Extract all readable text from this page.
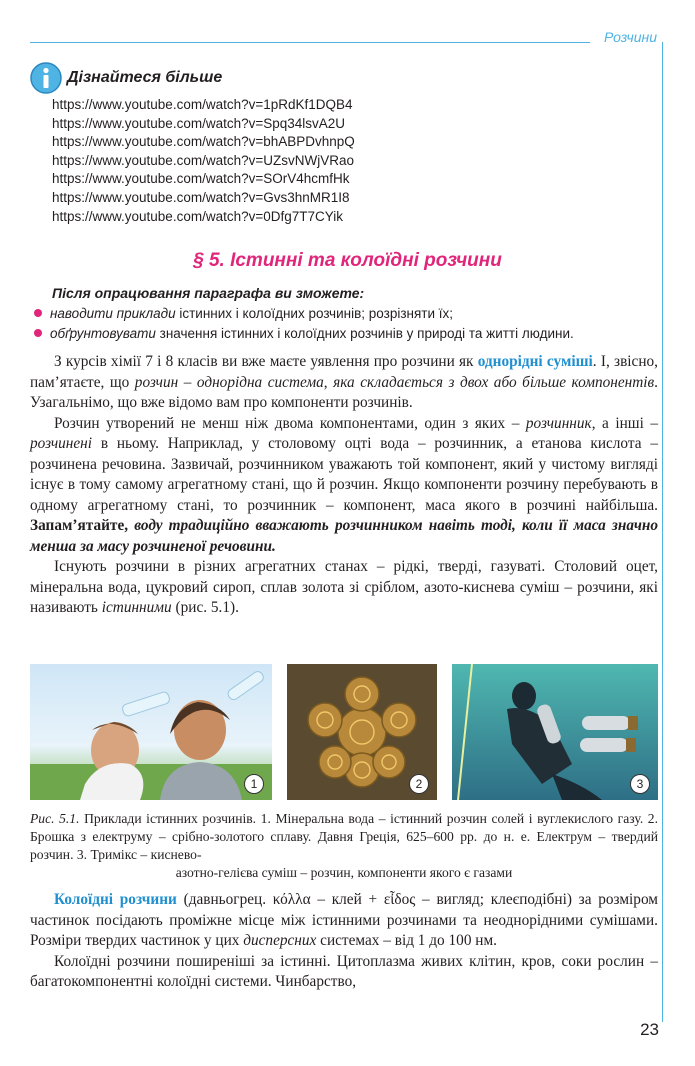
Розчини
Дізнайтеся більше
https://www.youtube.com/watch?v=1pRdKf1DQB4
https://www.youtube.com/watch?v=Spq34lsvA2U
https://www.youtube.com/watch?v=bhABPDvhnpQ
https://www.youtube.com/watch?v=UZsvNWjVRao
https://www.youtube.com/watch?v=SOrV4hcmfHk
https://www.youtube.com/watch?v=Gvs3hnMR1I8
https://www.youtube.com/watch?v=0Dfg7T7CYik
§ 5. Істинні та колоїдні розчини
Після опрацювання параграфа ви зможете:
наводити приклади істинних і колоїдних розчинів; розрізняти їх;
обґрунтовувати значення істинних і колоїдних розчинів у природі та житті людини.

З курсів хімії 7 і 8 класів ви вже маєте уявлення про розчини як однорідні суміші. І, звісно, пам’ятаєте, що розчин – однорідна система, яка складається з двох або більше компонентів. Узагальнімо, що вже відомо вам про компоненти розчинів.

Розчин утворений не менш ніж двома компонентами, один з яких – розчинник, а інші – розчинені в ньому. Наприклад, у столовому оцті вода – розчинник, а етанова кислота – розчинена речовина. Зазвичай, розчинником уважають той компонент, який у чистому вигляді існує в тому самому агрегатному стані, що й розчин. Якщо компоненти розчину перебувають в одному агрегатному стані, то розчинник – компонент, маса якого в розчині найбільша. Запам’ятайте, воду традиційно вважають розчинником навіть тоді, коли її маса значно менша за масу розчиненої речовини.

Існують розчини в різних агрегатних станах – рідкі, тверді, газуваті. Столовий оцет, мінеральна вода, цукровий сироп, сплав золота зі сріблом, азото-киснева суміш – розчини, які називають істинними (рис. 5.1).

1	2	3
Рис. 5.1. Приклади істинних розчинів. 1. Мінеральна вода – істинний розчин солей і вуглекислого газу. 2. Брошка з електруму – срібно-золотого сплаву. Давня Греція, 625–600 рр. до н. е. Електрум – твердий розчин. 3. Тримікс – киснево-
азотно-гелієва суміш – розчин, компоненти якого є газами

Колоїдні розчини (давньогрец. κόλλα – клей + εἶδος – вигляд; клеєподібні) за розміром частинок посідають проміжне місце між істинними розчинами та неоднорідними сумішами. Розміри твердих частинок у цих дисперсних системах – від 1 до 100 нм.

Колоїдні розчини поширеніші за істинні. Цитоплазма живих клітин, кров, соки рослин – багатокомпонентні колоїдні системи. Чинбарство,

23
